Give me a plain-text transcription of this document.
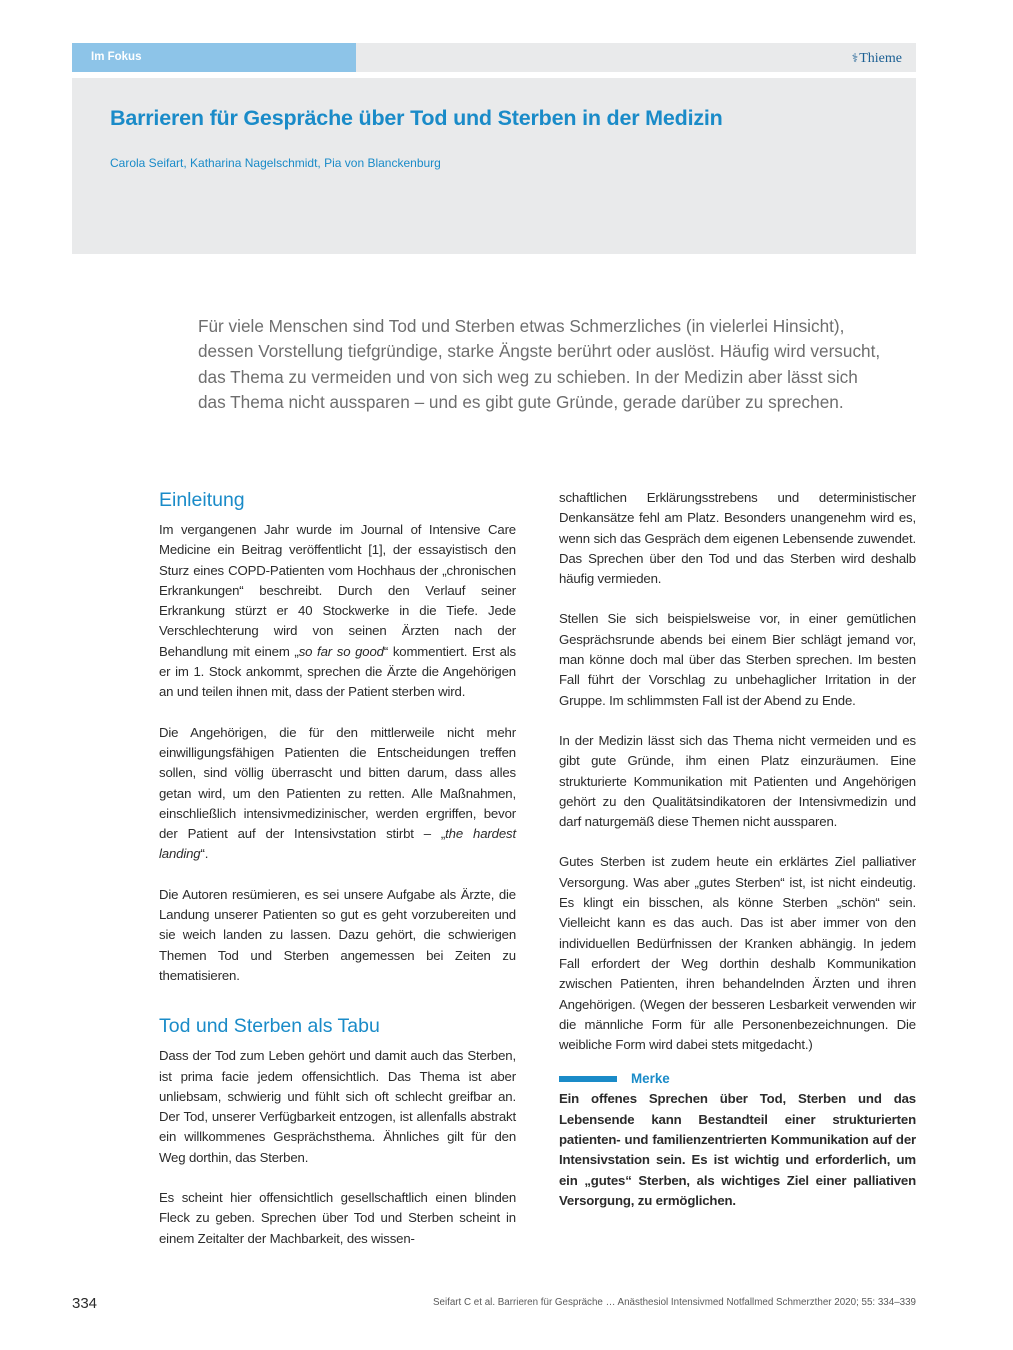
Im Fokus	⚕Thieme
Barrieren für Gespräche über Tod und Sterben in der Medizin
Carola Seifart, Katharina Nagelschmidt, Pia von Blanckenburg

Für viele Menschen sind Tod und Sterben etwas Schmerzliches (in vielerlei Hinsicht), dessen Vorstellung tiefgründige, starke Ängste berührt oder auslöst. Häufig wird versucht, das Thema zu vermeiden und von sich weg zu schieben. In der Medizin aber lässt sich das Thema nicht aussparen – und es gibt gute Gründe, gerade darüber zu sprechen.

Einleitung

Im vergangenen Jahr wurde im Journal of Intensive Care Medicine ein Beitrag veröffentlicht [1], der essayistisch den Sturz eines COPD-Patienten vom Hochhaus der „chronischen Erkrankungen“ beschreibt. Durch den Verlauf seiner Erkrankung stürzt er 40 Stockwerke in die Tiefe. Jede Verschlechterung wird von seinen Ärzten nach der Behandlung mit einem „so far so good“ kommentiert. Erst als er im 1. Stock ankommt, sprechen die Ärzte die Angehörigen an und teilen ihnen mit, dass der Patient sterben wird.

Die Angehörigen, die für den mittlerweile nicht mehr einwilligungsfähigen Patienten die Entscheidungen treffen sollen, sind völlig überrascht und bitten darum, dass alles getan wird, um den Patienten zu retten. Alle Maßnahmen, einschließlich intensivmedizinischer, werden ergriffen, bevor der Patient auf der Intensivstation stirbt – „the hardest landing“.

Die Autoren resümieren, es sei unsere Aufgabe als Ärzte, die Landung unserer Patienten so gut es geht vorzubereiten und sie weich landen zu lassen. Dazu gehört, die schwierigen Themen Tod und Sterben angemessen bei Zeiten zu thematisieren.

Tod und Sterben als Tabu

Dass der Tod zum Leben gehört und damit auch das Sterben, ist prima facie jedem offensichtlich. Das Thema ist aber unliebsam, schwierig und fühlt sich oft schlecht greifbar an. Der Tod, unserer Verfügbarkeit entzogen, ist allenfalls abstrakt ein willkommenes Gesprächsthema. Ähnliches gilt für den Weg dorthin, das Sterben.

Es scheint hier offensichtlich gesellschaftlich einen blinden Fleck zu geben. Sprechen über Tod und Sterben scheint in einem Zeitalter der Machbarkeit, des wissen-

schaftlichen Erklärungsstrebens und deterministischer Denkansätze fehl am Platz. Besonders unangenehm wird es, wenn sich das Gespräch dem eigenen Lebensende zuwendet. Das Sprechen über den Tod und das Sterben wird deshalb häufig vermieden.

Stellen Sie sich beispielsweise vor, in einer gemütlichen Gesprächsrunde abends bei einem Bier schlägt jemand vor, man könne doch mal über das Sterben sprechen. Im besten Fall führt der Vorschlag zu unbehaglicher Irritation in der Gruppe. Im schlimmsten Fall ist der Abend zu Ende.

In der Medizin lässt sich das Thema nicht vermeiden und es gibt gute Gründe, ihm einen Platz einzuräumen. Eine strukturierte Kommunikation mit Patienten und Angehörigen gehört zu den Qualitätsindikatoren der Intensivmedizin und darf naturgemäß diese Themen nicht aussparen.

Gutes Sterben ist zudem heute ein erklärtes Ziel palliativer Versorgung. Was aber „gutes Sterben“ ist, ist nicht eindeutig. Es klingt ein bisschen, als könne Sterben „schön“ sein. Vielleicht kann es das auch. Das ist aber immer von den individuellen Bedürfnissen der Kranken abhängig. In jedem Fall erfordert der Weg dorthin deshalb Kommunikation zwischen Patienten, ihren behandelnden Ärzten und ihren Angehörigen. (Wegen der besseren Lesbarkeit verwenden wir die männliche Form für alle Personenbezeichnungen. Die weibliche Form wird dabei stets mitgedacht.)

Merke

Ein offenes Sprechen über Tod, Sterben und das Lebensende kann Bestandteil einer strukturierten patienten- und familienzentrierten Kommunikation auf der Intensivstation sein. Es ist wichtig und erforderlich, um ein „gutes“ Sterben, als wichtiges Ziel einer palliativen Versorgung, zu ermöglichen.

334	Seifart C et al. Barrieren für Gespräche … Anästhesiol Intensivmed Notfallmed Schmerzther 2020; 55: 334–339
